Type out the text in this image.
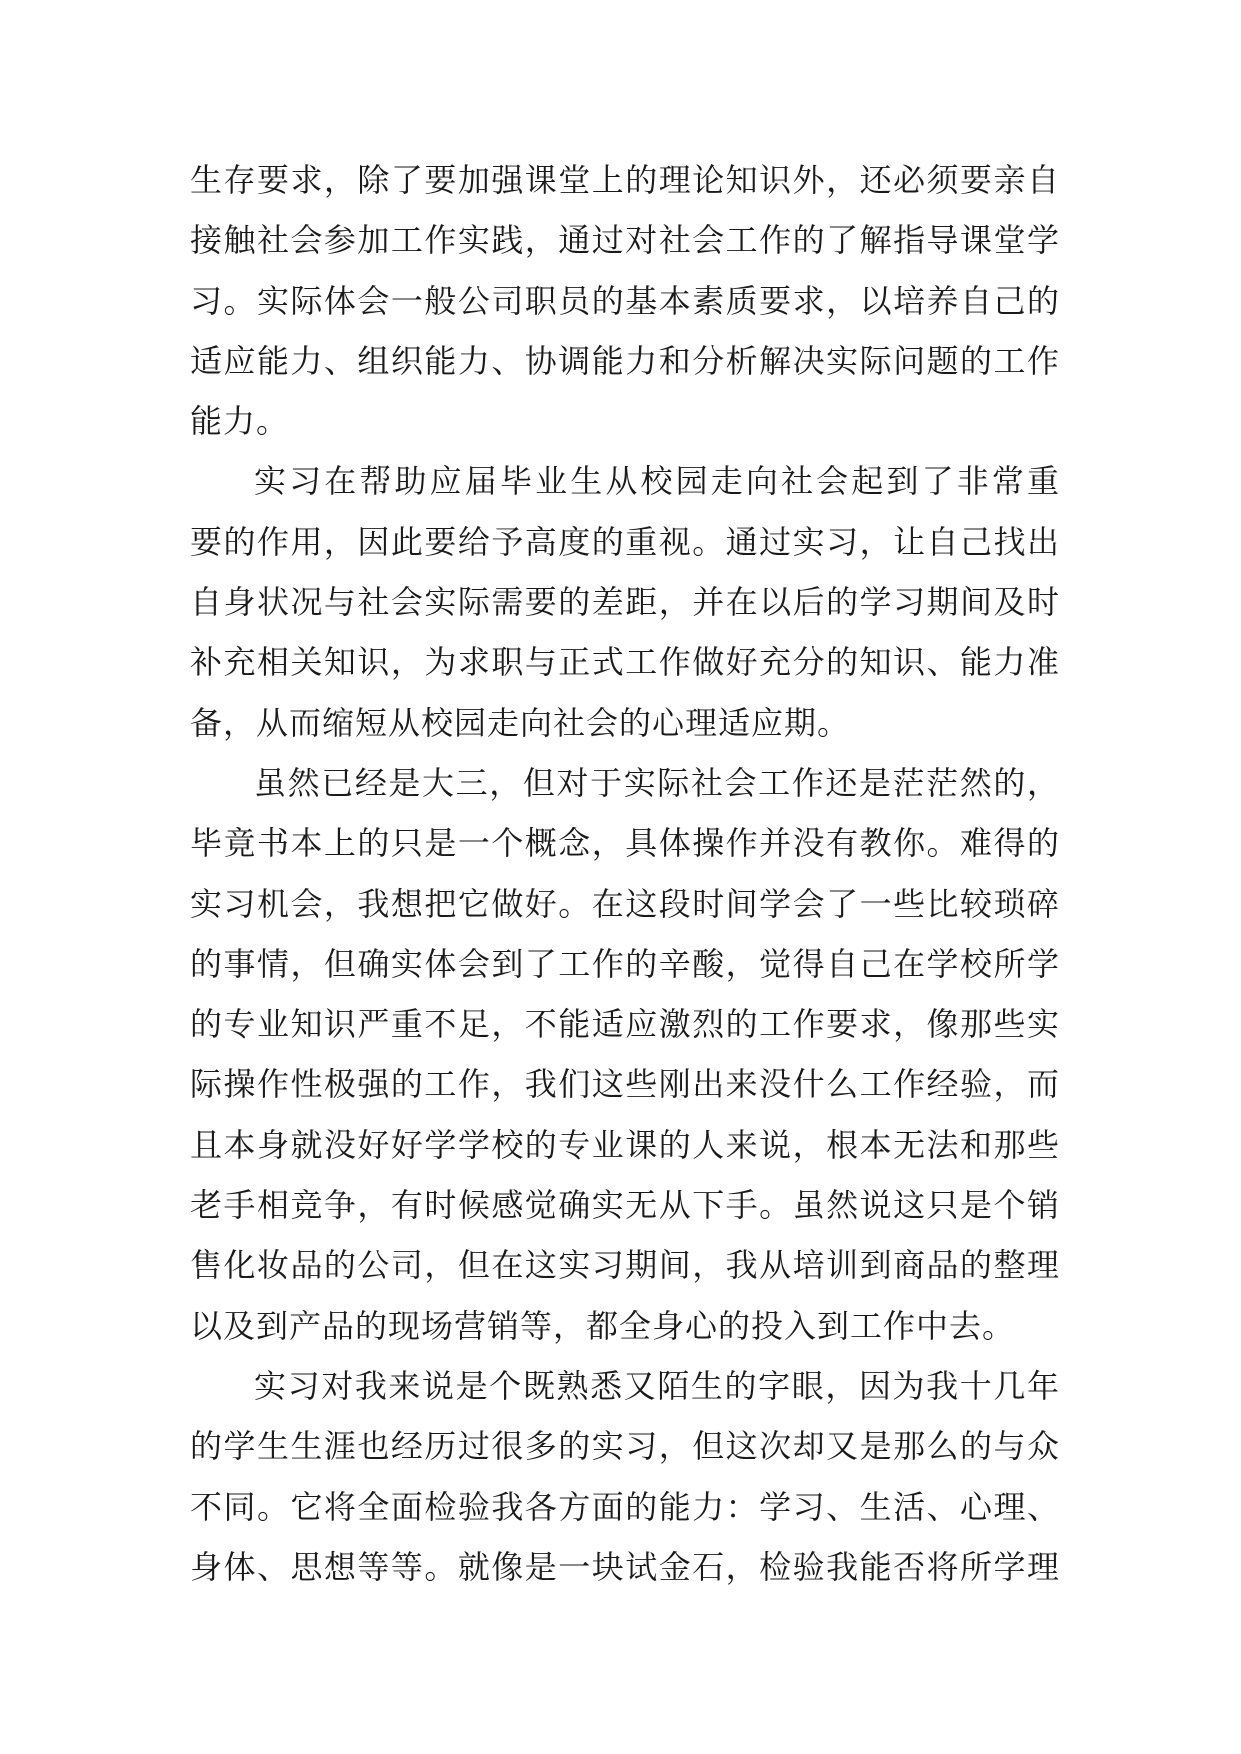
生存要求，除了要加强课堂上的理论知识外，还必须要亲自
接触社会参加工作实践，通过对社会工作的了解指导课堂学
习。实际体会一般公司职员的基本素质要求，以培养自己的
适应能力、组织能力、协调能力和分析解决实际问题的工作
能力。
实习在帮助应届毕业生从校园走向社会起到了非常重
要的作用，因此要给予高度的重视。通过实习，让自己找出
自身状况与社会实际需要的差距，并在以后的学习期间及时
补充相关知识，为求职与正式工作做好充分的知识、能力准
备，从而缩短从校园走向社会的心理适应期。
虽然已经是大三，但对于实际社会工作还是茫茫然的，
毕竟书本上的只是一个概念，具体操作并没有教你。难得的
实习机会，我想把它做好。在这段时间学会了一些比较琐碎
的事情，但确实体会到了工作的辛酸，觉得自己在学校所学
的专业知识严重不足，不能适应激烈的工作要求，像那些实
际操作性极强的工作，我们这些刚出来没什么工作经验，而
且本身就没好好学学校的专业课的人来说，根本无法和那些
老手相竞争，有时候感觉确实无从下手。虽然说这只是个销
售化妆品的公司，但在这实习期间，我从培训到商品的整理
以及到产品的现场营销等，都全身心的投入到工作中去。
实习对我来说是个既熟悉又陌生的字眼，因为我十几年
的学生生涯也经历过很多的实习，但这次却又是那么的与众
不同。它将全面检验我各方面的能力：学习、生活、心理、
身体、思想等等。就像是一块试金石，检验我能否将所学理
